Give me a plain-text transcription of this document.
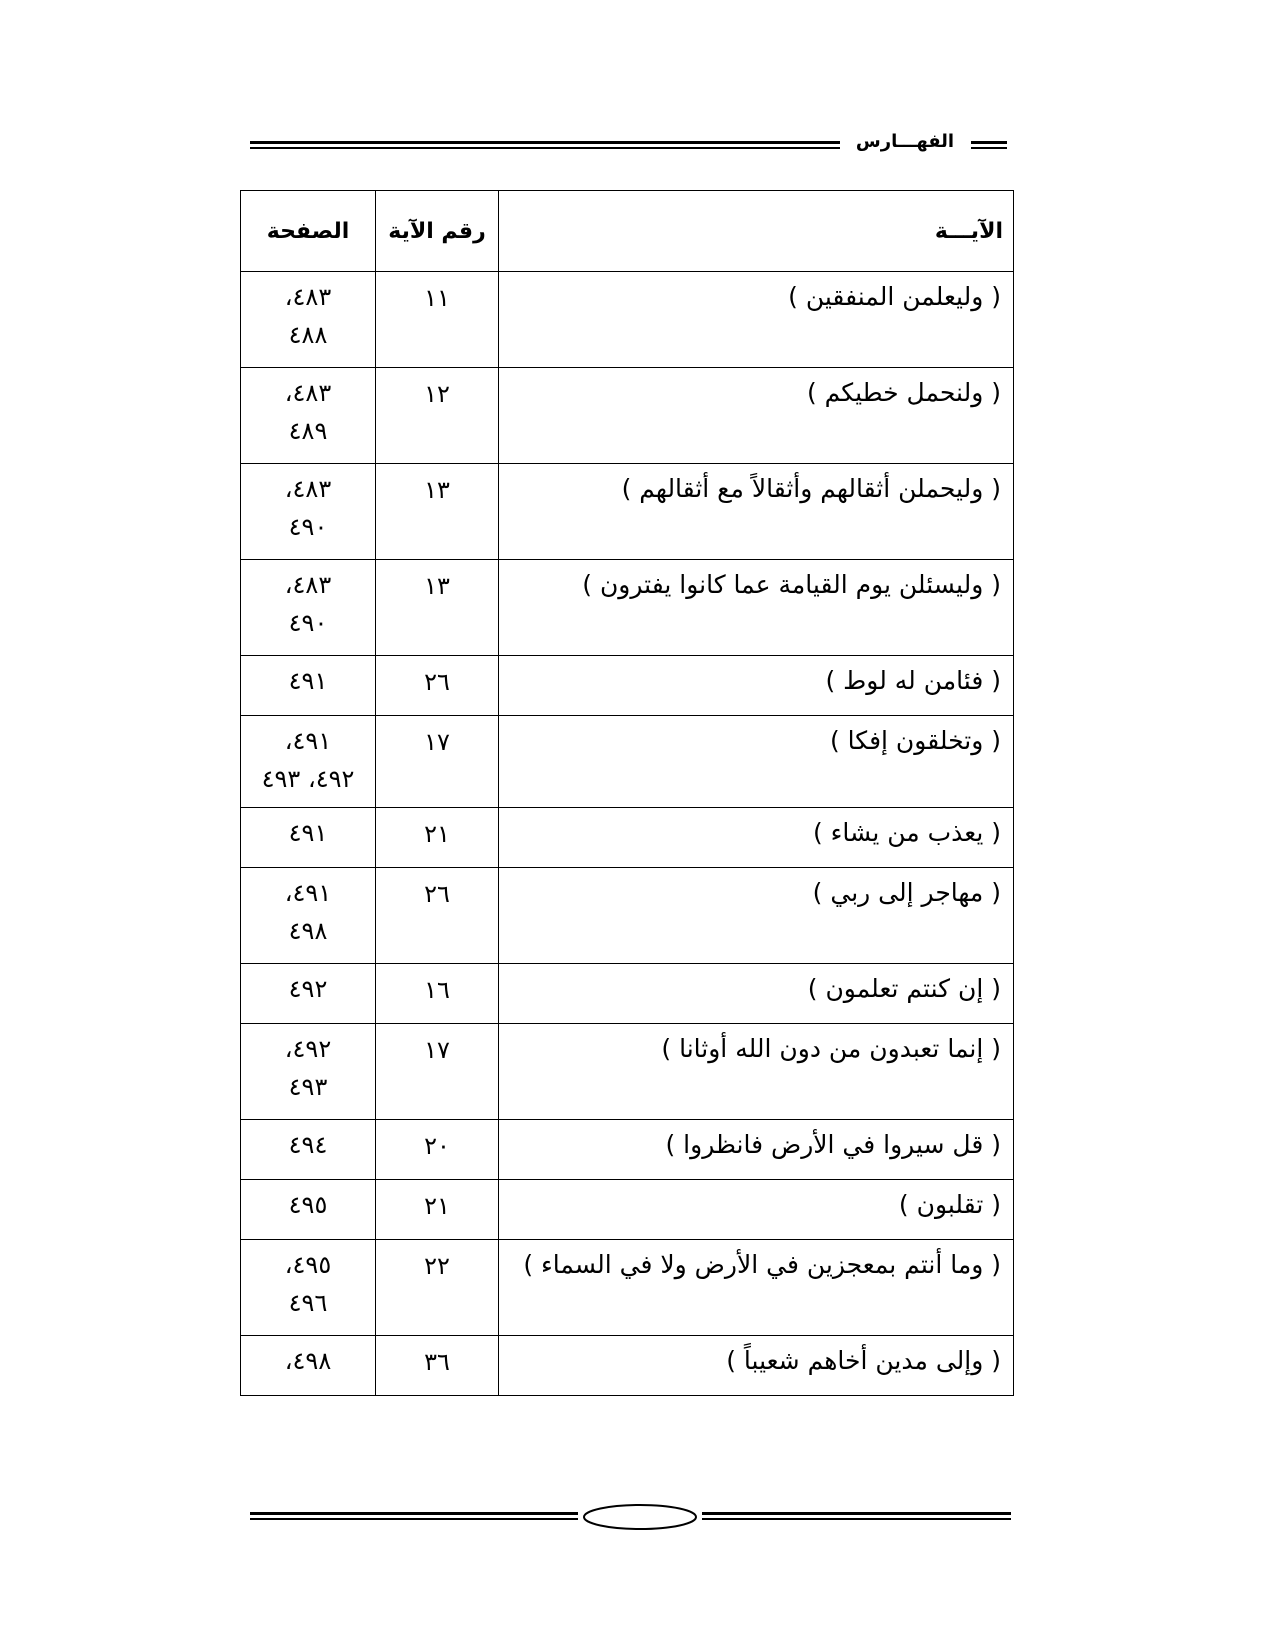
الفهـــارس
الآيـــة	رقم الآية	الصفحة
( وليعلمن المنفقين )	١١	٤٨٣،
٤٨٨
( ولنحمل خطيكم )	١٢	٤٨٣،
٤٨٩
( وليحملن أثقالهم وأثقالاً مع أثقالهم )	١٣	٤٨٣،
٤٩٠
( وليسئلن يوم القيامة عما كانوا يفترون )	١٣	٤٨٣،
٤٩٠
( فئامن له لوط )	٢٦	٤٩١
( وتخلقون إفكا )	١٧	٤٩١،
٤٩٢، ٤٩٣
( يعذب من يشاء )	٢١	٤٩١
( مهاجر إلى ربي )	٢٦	٤٩١،
٤٩٨
( إن كنتم تعلمون )	١٦	٤٩٢
( إنما تعبدون من دون الله أوثانا )	١٧	٤٩٢،
٤٩٣
( قل سيروا في الأرض فانظروا )	٢٠	٤٩٤
( تقلبون )	٢١	٤٩٥
( وما أنتم بمعجزين في الأرض ولا في السماء )	٢٢	٤٩٥،
٤٩٦
( وإلى مدين أخاهم شعيباً )	٣٦	٤٩٨،
